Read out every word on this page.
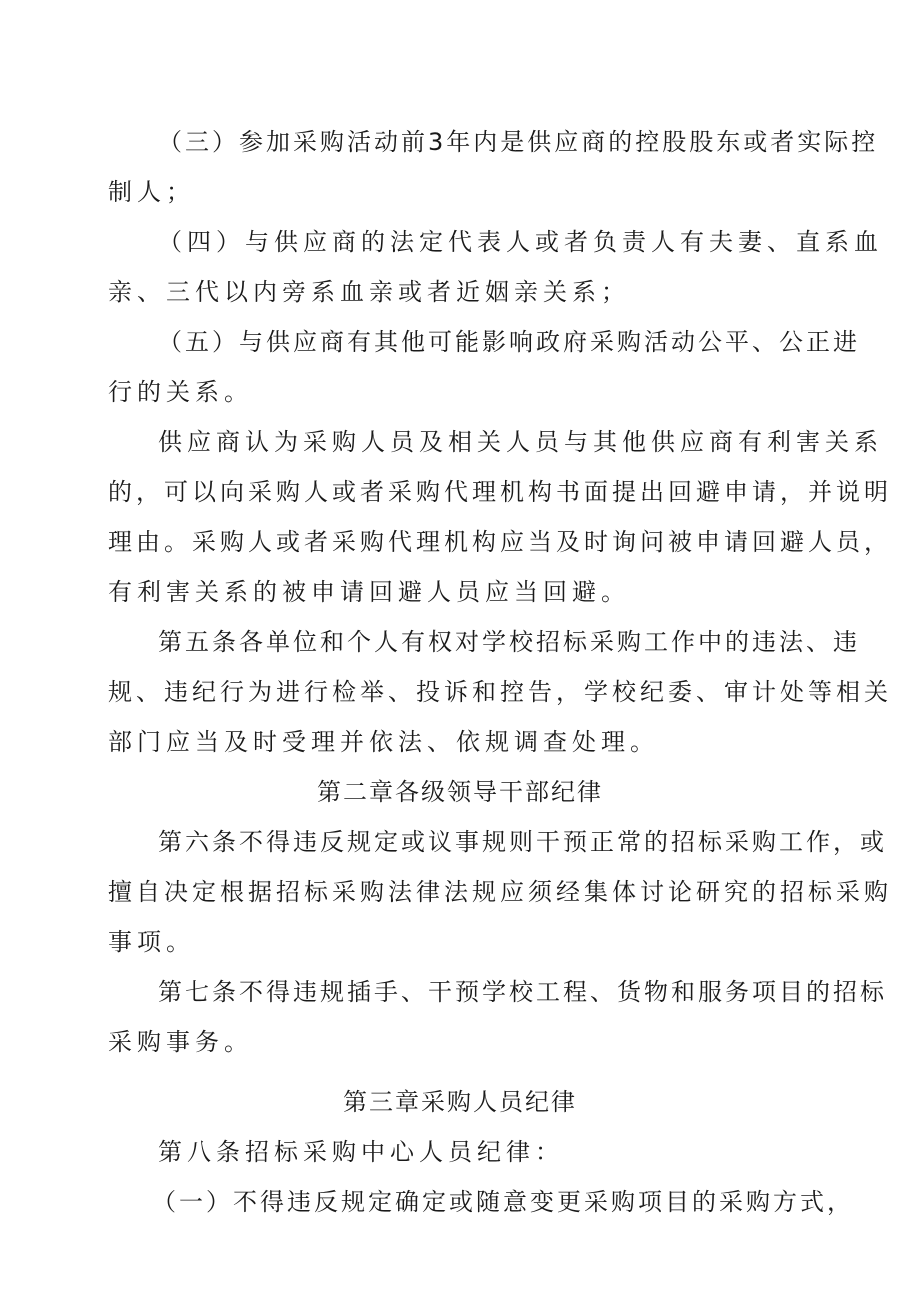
（三）参加采购活动前3年内是供应商的控股股东或者实际控
制人；
（四）与供应商的法定代表人或者负责人有夫妻、直系血
亲、三代以内旁系血亲或者近姻亲关系；
（五）与供应商有其他可能影响政府采购活动公平、公正进
行的关系。
供应商认为采购人员及相关人员与其他供应商有利害关系
的，可以向采购人或者采购代理机构书面提出回避申请，并说明
理由。采购人或者采购代理机构应当及时询问被申请回避人员，
有利害关系的被申请回避人员应当回避。
第五条各单位和个人有权对学校招标采购工作中的违法、违
规、违纪行为进行检举、投诉和控告，学校纪委、审计处等相关
部门应当及时受理并依法、依规调查处理。
第二章各级领导干部纪律
第六条不得违反规定或议事规则干预正常的招标采购工作，或
擅自决定根据招标采购法律法规应须经集体讨论研究的招标采购
事项。
第七条不得违规插手、干预学校工程、货物和服务项目的招标
采购事务。
第三章采购人员纪律
第八条招标采购中心人员纪律：
（一）不得违反规定确定或随意变更采购项目的采购方式，
